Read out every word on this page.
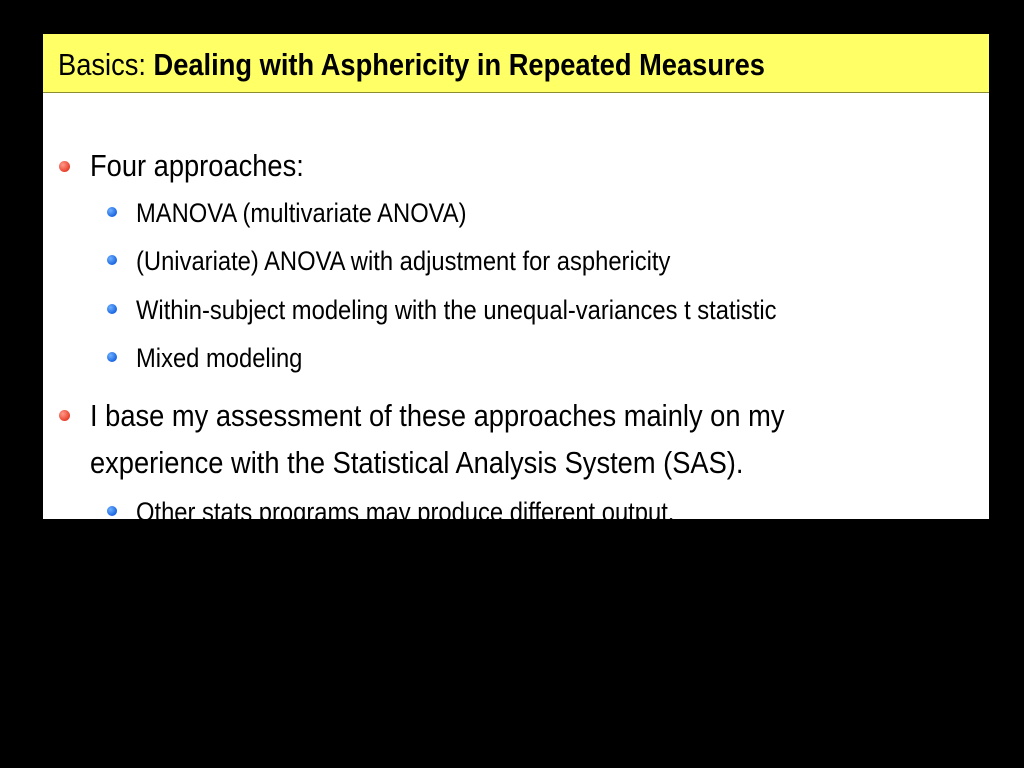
Basics: Dealing with Asphericity in Repeated Measures
Four approaches:
MANOVA (multivariate ANOVA)
(Univariate) ANOVA with adjustment for asphericity
Within-subject modeling with the unequal-variances t statistic
Mixed modeling
I base my assessment of these approaches mainly on my
experience with the Statistical Analysis System (SAS).
Other stats programs may produce different output.
